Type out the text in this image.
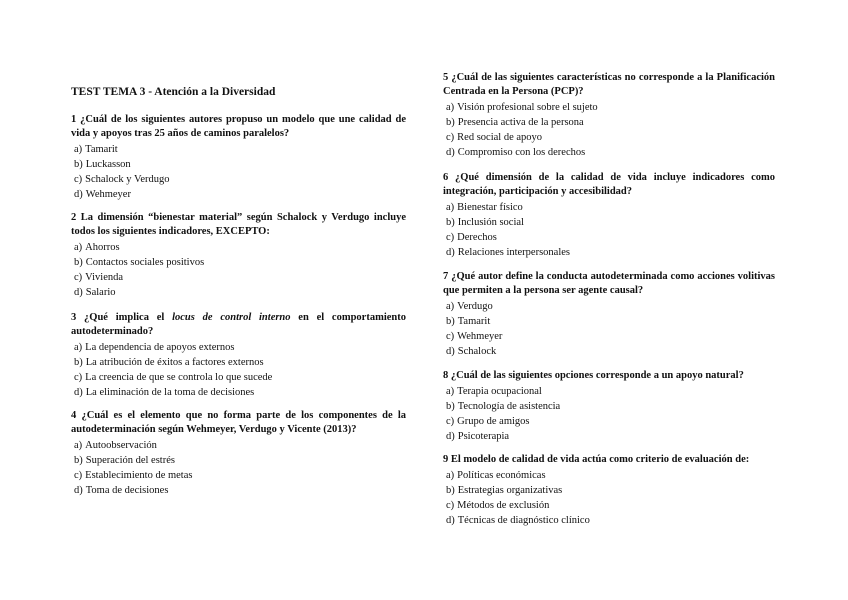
TEST TEMA 3 - Atención a la Diversidad

1 ¿Cuál de los siguientes autores propuso un modelo que une calidad de vida y apoyos tras 25 años de caminos paralelos?

a) Tamarit
b) Luckasson
c) Schalock y Verdugo
d) Wehmeyer

2 La dimensión “bienestar material” según Schalock y Verdugo incluye todos los siguientes indicadores, EXCEPTO:

a) Ahorros
b) Contactos sociales positivos
c) Vivienda
d) Salario

3 ¿Qué implica el locus de control interno en el comportamiento autodeterminado?

a) La dependencia de apoyos externos
b) La atribución de éxitos a factores externos
c) La creencia de que se controla lo que sucede
d) La eliminación de la toma de decisiones

4 ¿Cuál es el elemento que no forma parte de los componentes de la autodeterminación según Wehmeyer, Verdugo y Vicente (2013)?

a) Autoobservación
b) Superación del estrés
c) Establecimiento de metas
d) Toma de decisiones

5 ¿Cuál de las siguientes características no corresponde a la Planificación Centrada en la Persona (PCP)?

a) Visión profesional sobre el sujeto
b) Presencia activa de la persona
c) Red social de apoyo
d) Compromiso con los derechos

6 ¿Qué dimensión de la calidad de vida incluye indicadores como integración, participación y accesibilidad?

a) Bienestar físico
b) Inclusión social
c) Derechos
d) Relaciones interpersonales

7 ¿Qué autor define la conducta autodeterminada como acciones volitivas que permiten a la persona ser agente causal?

a) Verdugo
b) Tamarit
c) Wehmeyer
d) Schalock

8 ¿Cuál de las siguientes opciones corresponde a un apoyo natural?

a) Terapia ocupacional
b) Tecnología de asistencia
c) Grupo de amigos
d) Psicoterapia

9 El modelo de calidad de vida actúa como criterio de evaluación de:

a) Políticas económicas
b) Estrategias organizativas
c) Métodos de exclusión
d) Técnicas de diagnóstico clínico
